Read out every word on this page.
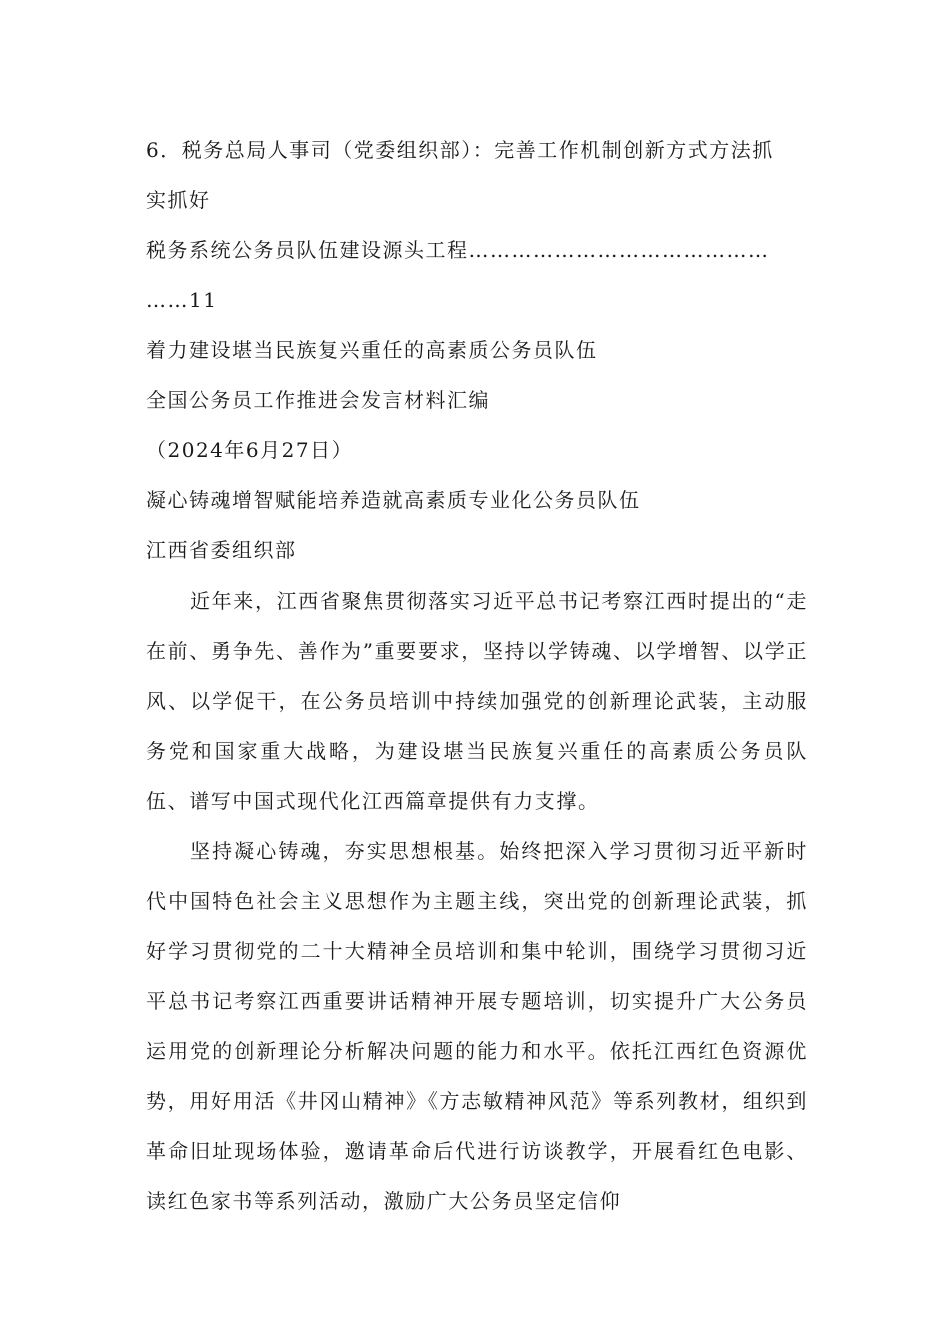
6．税务总局人事司（党委组织部）：完善工作机制创新方式方法抓
实抓好
税务系统公务员队伍建设源头工程……………………………………
……11
着力建设堪当民族复兴重任的高素质公务员队伍
全国公务员工作推进会发言材料汇编
（2024年6月27日）
凝心铸魂增智赋能培养造就高素质专业化公务员队伍
江西省委组织部
近年来，江西省聚焦贯彻落实习近平总书记考察江西时提出的“走在前、勇争先、善作为”重要要求，坚持以学铸魂、以学增智、以学正风、以学促干，在公务员培训中持续加强党的创新理论武装，主动服务党和国家重大战略，为建设堪当民族复兴重任的高素质公务员队伍、谱写中国式现代化江西篇章提供有力支撑。
坚持凝心铸魂，夯实思想根基。始终把深入学习贯彻习近平新时代中国特色社会主义思想作为主题主线，突出党的创新理论武装，抓好学习贯彻党的二十大精神全员培训和集中轮训，围绕学习贯彻习近平总书记考察江西重要讲话精神开展专题培训，切实提升广大公务员运用党的创新理论分析解决问题的能力和水平。依托江西红色资源优势，用好用活《井冈山精神》《方志敏精神风范》等系列教材，组织到革命旧址现场体验，邀请革命后代进行访谈教学，开展看红色电影、读红色家书等系列活动，激励广大公务员坚定信仰
